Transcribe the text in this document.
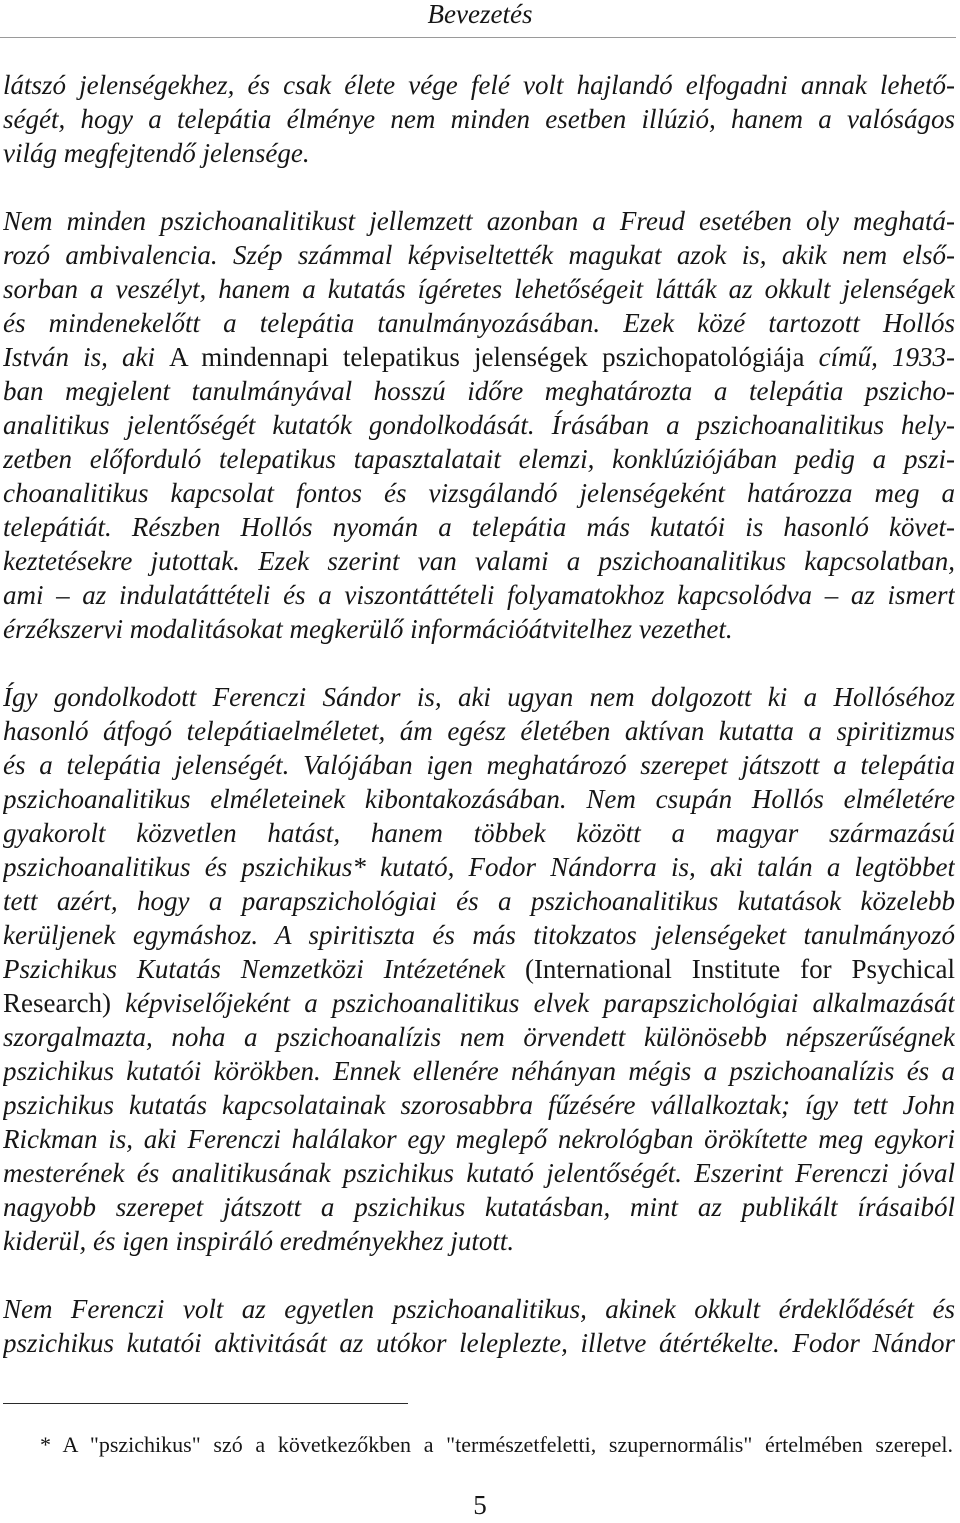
Bevezetés
látszó jelenségekhez, és csak élete vége felé volt hajlandó elfogadni annak lehető-
ségét, hogy a telepátia élménye nem minden esetben illúzió, hanem a valóságos
világ megfejtendő jelensége.
Nem minden pszichoanalitikust jellemzett azonban a Freud esetében oly meghatá-
rozó ambivalencia. Szép számmal képviseltették magukat azok is, akik nem első-
sorban a veszélyt, hanem a kutatás ígéretes lehetőségeit látták az okkult jelenségek
és mindenekelőtt a telepátia tanulmányozásában. Ezek közé tartozott Hollós
István is, aki A mindennapi telepatikus jelenségek pszichopatológiája című, 1933-
ban megjelent tanulmányával hosszú időre meghatározta a telepátia pszicho-
analitikus jelentőségét kutatók gondolkodását. Írásában a pszichoanalitikus hely-
zetben előforduló telepatikus tapasztalatait elemzi, konklúziójában pedig a pszi-
choanalitikus kapcsolat fontos és vizsgálandó jelenségeként határozza meg a
telepátiát. Részben Hollós nyomán a telepátia más kutatói is hasonló követ-
keztetésekre jutottak. Ezek szerint van valami a pszichoanalitikus kapcsolatban,
ami – az indulatáttételi és a viszontáttételi folyamatokhoz kapcsolódva – az ismert
érzékszervi modalitásokat megkerülő információátvitelhez vezethet.
Így gondolkodott Ferenczi Sándor is, aki ugyan nem dolgozott ki a Hollóséhoz
hasonló átfogó telepátiaelméletet, ám egész életében aktívan kutatta a spiritizmus
és a telepátia jelenségét. Valójában igen meghatározó szerepet játszott a telepátia
pszichoanalitikus elméleteinek kibontakozásában. Nem csupán Hollós elméletére
gyakorolt közvetlen hatást, hanem többek között a magyar származású
pszichoanalitikus és pszichikus* kutató, Fodor Nándorra is, aki talán a legtöbbet
tett azért, hogy a parapszichológiai és a pszichoanalitikus kutatások közelebb
kerüljenek egymáshoz. A spiritiszta és más titokzatos jelenségeket tanulmányozó
Pszichikus Kutatás Nemzetközi Intézetének (International Institute for Psychical
Research) képviselőjeként a pszichoanalitikus elvek parapszichológiai alkalmazását
szorgalmazta, noha a pszichoanalízis nem örvendett különösebb népszerűségnek
pszichikus kutatói körökben. Ennek ellenére néhányan mégis a pszichoanalízis és a
pszichikus kutatás kapcsolatainak szorosabbra fűzésére vállalkoztak; így tett John
Rickman is, aki Ferenczi halálakor egy meglepő nekrológban örökítette meg egykori
mesterének és analitikusának pszichikus kutató jelentőségét. Eszerint Ferenczi jóval
nagyobb szerepet játszott a pszichikus kutatásban, mint az publikált írásaiból
kiderül, és igen inspiráló eredményekhez jutott.
Nem Ferenczi volt az egyetlen pszichoanalitikus, akinek okkult érdeklődését és
pszichikus kutatói aktivitását az utókor leleplezte, illetve átértékelte. Fodor Nándor
* A "pszichikus" szó a következőkben a "természetfeletti, szupernormális" értelmében szerepel.
5
